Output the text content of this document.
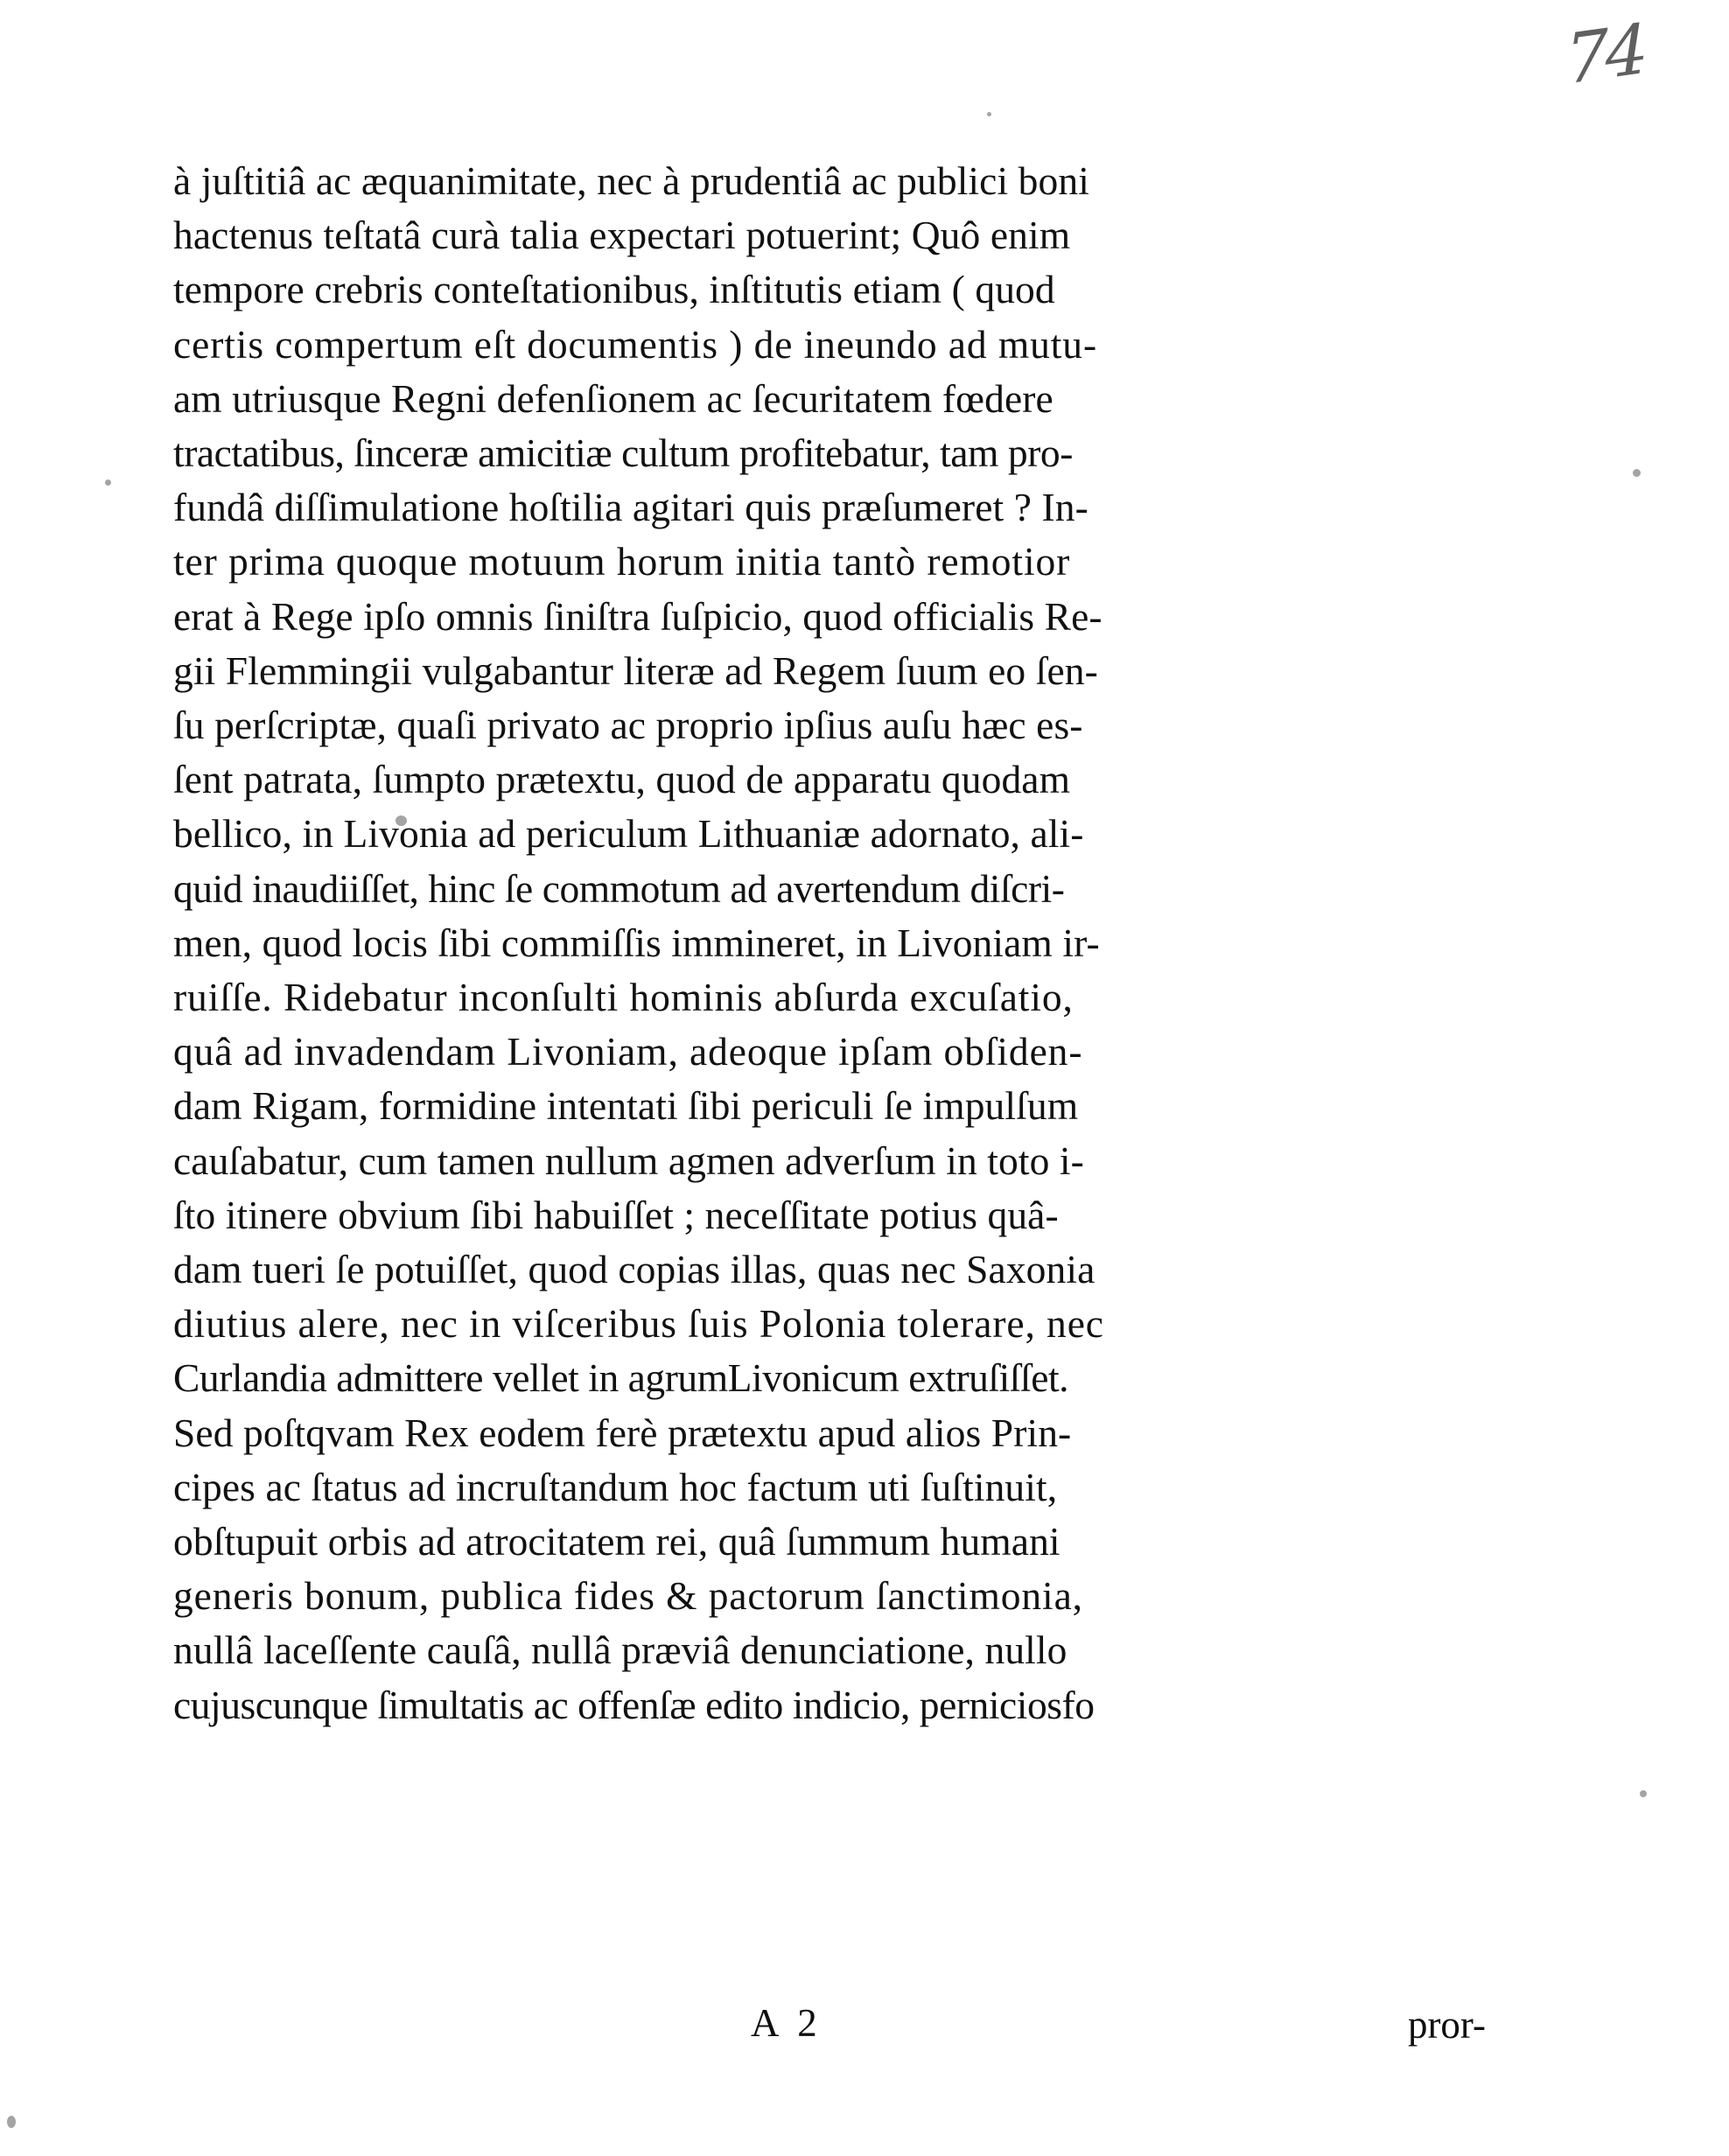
74
à juſtitiâ ac æquanimitate, nec à prudentiâ ac publici boni
hactenus teſtatâ curà talia expectari potuerint; Quô enim
tempore crebris conteſtationibus, inſtitutis etiam ( quod
certis compertum eſt documentis ) de ineundo ad mutu-
am utriusque Regni defenſionem ac ſecuritatem fœdere
tractatibus, ſinceræ amicitiæ cultum profitebatur, tam pro-
fundâ diſſimulatione hoſtilia agitari quis præſumeret ? In-
ter prima quoque motuum horum initia tantò remotior
erat à Rege ipſo omnis ſiniſtra ſuſpicio, quod officialis Re-
gii Flemmingii vulgabantur literæ ad Regem ſuum eo ſen-
ſu perſcriptæ, quaſi privato ac proprio ipſius auſu hæc es-
ſent patrata, ſumpto prætextu, quod de apparatu quodam
bellico, in Livonia ad periculum Lithuaniæ adornato, ali-
quid inaudiiſſet, hinc ſe commotum ad avertendum diſcri-
men, quod locis ſibi commiſſis immineret, in Livoniam ir-
ruiſſe. Ridebatur inconſulti hominis abſurda excuſatio,
quâ ad invadendam Livoniam, adeoque ipſam obſiden-
dam Rigam, formidine intentati ſibi periculi ſe impulſum
cauſabatur, cum tamen nullum agmen adverſum in toto i-
ſto itinere obvium ſibi habuiſſet ; neceſſitate potius quâ-
dam tueri ſe potuiſſet, quod copias illas, quas nec Saxonia
diutius alere, nec in viſceribus ſuis Polonia tolerare, nec
Curlandia admittere vellet in agrumLivonicum extruſiſſet.
Sed poſtqvam Rex eodem ferè prætextu apud alios Prin-
cipes ac ſtatus ad incruſtandum hoc factum uti ſuſtinuit,
obſtupuit orbis ad atrocitatem rei, quâ ſummum humani
generis bonum, publica fides & pactorum ſanctimonia,
nullâ laceſſente cauſâ, nullâ præviâ denunciatione, nullo
cujuscunque ſimultatis ac offenſæ edito indicio, perniciosfo
A 2	pror-
